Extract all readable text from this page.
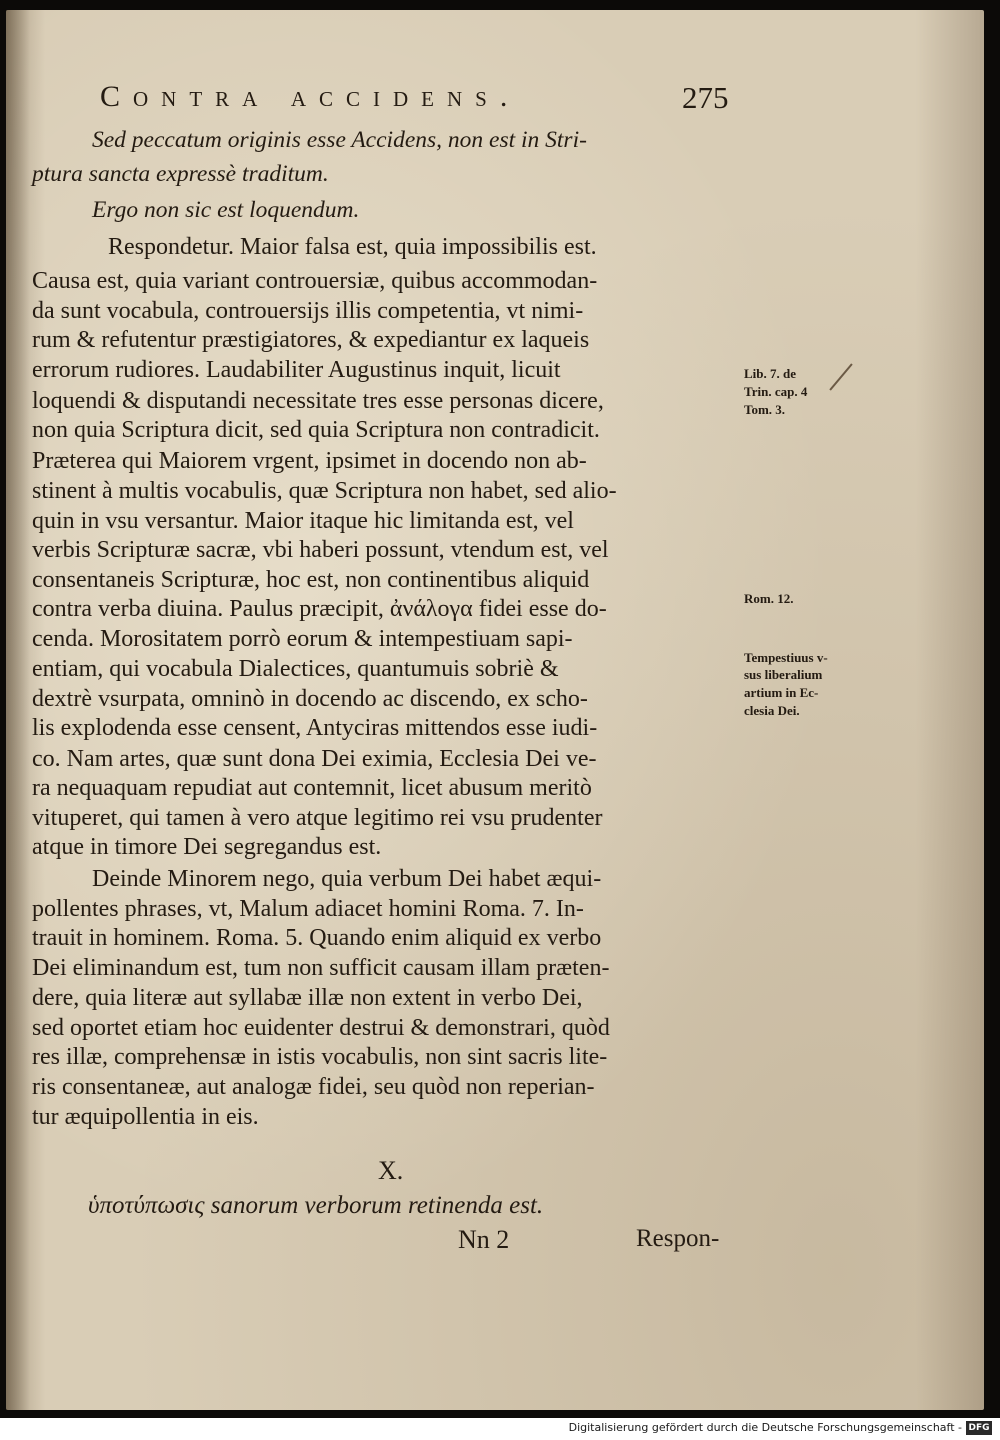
Contra accidens.	275
Sed peccatum originis esse Accidens, non est in Stri-
ptura sancta expressè traditum.
Ergo non sic est loquendum.
Respondetur. Maior falsa est, quia impossibilis est.
Causa est, quia variant controuersiæ, quibus accommodan-
da sunt vocabula, controuersijs illis competentia, vt nimi-
rum & refutentur præstigiatores, & expediantur ex laqueis
errorum rudiores. Laudabiliter Augustinus inquit, licuit
loquendi & disputandi necessitate tres esse personas dicere,
non quia Scriptura dicit, sed quia Scriptura non contradicit.
Præterea qui Maiorem vrgent, ipsimet in docendo non ab-
stinent à multis vocabulis, quæ Scriptura non habet, sed alio-
quin in vsu versantur. Maior itaque hic limitanda est, vel
verbis Scripturæ sacræ, vbi haberi possunt, vtendum est, vel
consentaneis Scripturæ, hoc est, non continentibus aliquid
contra verba diuina. Paulus præcipit, ἀνάλογα fidei esse do-
cenda. Morositatem porrò eorum & intempestiuam sapi-
entiam, qui vocabula Dialectices, quantumuis sobriè &
dextrè vsurpata, omninò in docendo ac discendo, ex scho-
lis explodenda esse censent, Antyciras mittendos esse iudi-
co. Nam artes, quæ sunt dona Dei eximia, Ecclesia Dei ve-
ra nequaquam repudiat aut contemnit, licet abusum meritò
vituperet, qui tamen à vero atque legitimo rei vsu prudenter
atque in timore Dei segregandus est.
Deinde Minorem nego, quia verbum Dei habet æqui-
pollentes phrases, vt, Malum adiacet homini Roma. 7. In-
trauit in hominem. Roma. 5. Quando enim aliquid ex verbo
Dei eliminandum est, tum non sufficit causam illam præten-
dere, quia literæ aut syllabæ illæ non extent in verbo Dei,
sed oportet etiam hoc euidenter destrui & demonstrari, quòd
res illæ, comprehensæ in istis vocabulis, non sint sacris lite-
ris consentaneæ, aut analogæ fidei, seu quòd non reperian-
tur æquipollentia in eis.
Lib. 7. de
Trin. cap. 4
Tom. 3.
Rom. 12.
Tempestiuus v-
sus liberalium
artium in Ec-
clesia Dei.
X.
ὑποτύπωσις sanorum verborum retinenda est.
Nn 2	Respon-
Digitalisierung gefördert durch die Deutsche Forschungsgemeinschaft - DFG
